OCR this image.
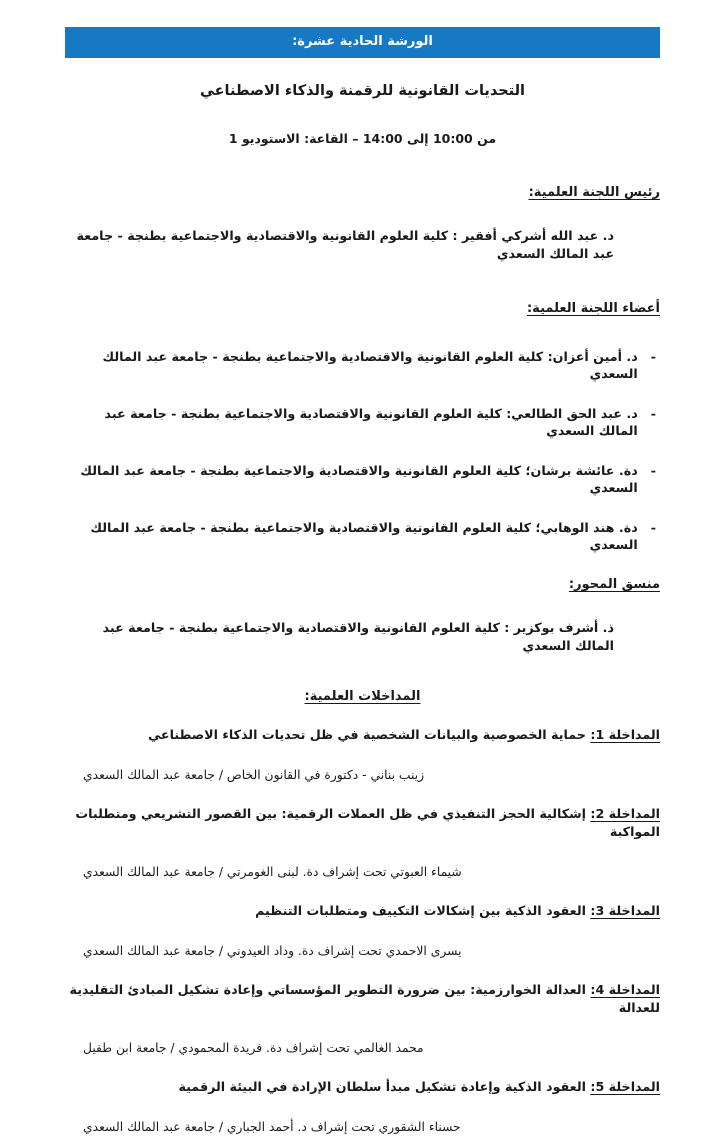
الورشة الحادية عشرة:
التحديات القانونية للرقمنة والذكاء الاصطناعي
من 10:00 إلى 14:00 – القاعة: الاستوديو 1
رئيس اللجنة العلمية:
د. عبد الله أشركي أفقير : كلية العلوم القانونية والاقتصادية والاجتماعية بطنجة - جامعة عبد المالك السعدي
أعضاء اللجنة العلمية:
-
د. أمين أعزان: كلية العلوم القانونية والاقتصادية والاجتماعية بطنجة - جامعة عبد المالك السعدي
-
د. عبد الحق الطالعي: كلية العلوم القانونية والاقتصادية والاجتماعية بطنجة - جامعة عبد المالك السعدي
-
دة. عائشة برشان؛ كلية العلوم القانونية والاقتصادية والاجتماعية بطنجة - جامعة عبد المالك السعدي
-
دة. هند الوهابي؛ كلية العلوم القانونية والاقتصادية والاجتماعية بطنجة - جامعة عبد المالك السعدي
منسق المحور:
ذ. أشرف بوكزير : كلية العلوم القانونية والاقتصادية والاجتماعية بطنجة - جامعة عبد المالك السعدي
المداخلات العلمية:
المداخلة 1: حماية الخصوصية والبيانات الشخصية في ظل تحديات الذكاء الاصطناعي
زينب بناني - دكتورة في القانون الخاص / جامعة عبد المالك السعدي
المداخلة 2: إشكالية الحجز التنفيذي في ظل العملات الرقمية: بين القصور التشريعي ومتطلبات المواكبة
شيماء العبوتي تحت إشراف دة. لبنى الغومرتي / جامعة عبد المالك السعدي
المداخلة 3: العقود الذكية بين إشكالات التكييف ومتطلبات التنظيم
يسرى الاحمدي تحت إشراف دة. وداد العيدوني / جامعة عبد المالك السعدي
المداخلة 4: العدالة الخوارزمية: بين ضرورة التطوير المؤسساتي وإعادة تشكيل المبادئ التقليدية للعدالة
محمد الغالمي تحت إشراف دة. فريدة المحمودي / جامعة ابن طفيل
المداخلة 5: العقود الذكية وإعادة تشكيل مبدأ سلطان الإرادة في البيئة الرقمية
حسناء الشقوري تحت إشراف د. أحمد الجباري / جامعة عبد المالك السعدي
